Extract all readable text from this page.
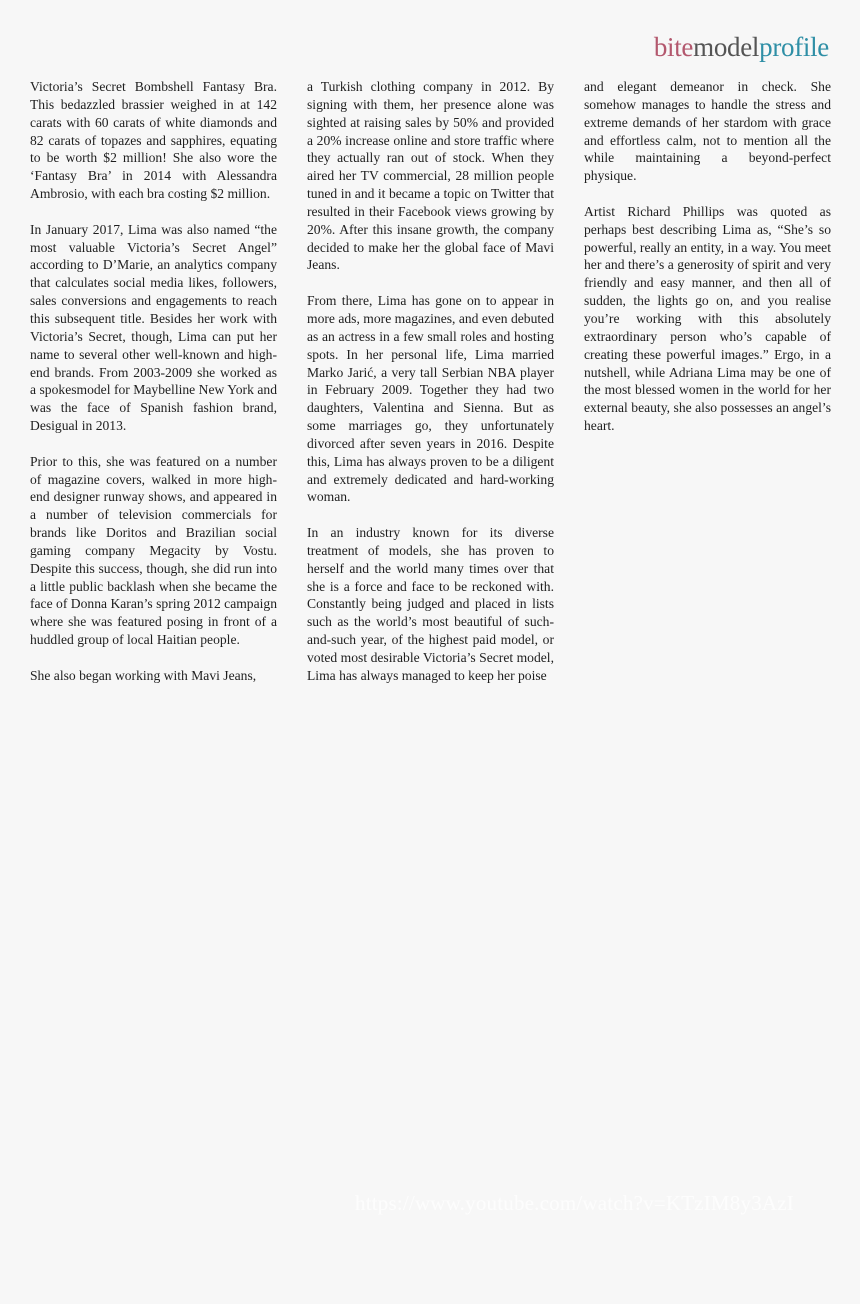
bitemodelprofile

Victoria’s Secret Bombshell Fantasy Bra. This bedazzled brassier weighed in at 142 carats with 60 carats of white diamonds and 82 carats of topazes and sapphires, equating to be worth $2 million! She also wore the ‘Fantasy Bra’ in 2014 with Alessandra Ambrosio, with each bra costing $2 million.

In January 2017, Lima was also named “the most valuable Victoria’s Secret Angel” according to D’Marie, an analytics company that calculates social media likes, followers, sales conversions and engagements to reach this subsequent title. Besides her work with Victoria’s Secret, though, Lima can put her name to several other well-known and high-end brands. From 2003-2009 she worked as a spokesmodel for Maybelline New York and was the face of Spanish fashion brand, Desigual in 2013.

Prior to this, she was featured on a number of magazine covers, walked in more high-end designer runway shows, and appeared in a number of television commercials for brands like Doritos and Brazilian social gaming company Megacity by Vostu. Despite this success, though, she did run into a little public backlash when she became the face of Donna Karan’s spring 2012 campaign where she was featured posing in front of a huddled group of local Haitian people.

She also began working with Mavi Jeans,

a Turkish clothing company in 2012. By signing with them, her presence alone was sighted at raising sales by 50% and provided a 20% increase online and store traffic where they actually ran out of stock. When they aired her TV commercial, 28 million people tuned in and it became a topic on Twitter that resulted in their Facebook views growing by 20%. After this insane growth, the company decided to make her the global face of Mavi Jeans.

From there, Lima has gone on to appear in more ads, more magazines, and even debuted as an actress in a few small roles and hosting spots. In her personal life, Lima married Marko Jarić, a very tall Serbian NBA player in February 2009. Together they had two daughters, Valentina and Sienna. But as some marriages go, they unfortunately divorced after seven years in 2016. Despite this, Lima has always proven to be a diligent and extremely dedicated and hard-working woman.

In an industry known for its diverse treatment of models, she has proven to herself and the world many times over that she is a force and face to be reckoned with. Constantly being judged and placed in lists such as the world’s most beautiful of such-and-such year, of the highest paid model, or voted most desirable Victoria’s Secret model, Lima has always managed to keep her poise

and elegant demeanor in check. She somehow manages to handle the stress and extreme demands of her stardom with grace and effortless calm, not to mention all the while maintaining a beyond-perfect physique.

Artist Richard Phillips was quoted as perhaps best describing Lima as, “She’s so powerful, really an entity, in a way. You meet her and there’s a generosity of spirit and very friendly and easy manner, and then all of sudden, the lights go on, and you realise you’re working with this absolutely extraordinary person who’s capable of creating these powerful images.” Ergo, in a nutshell, while Adriana Lima may be one of the most blessed women in the world for her external beauty, she also possesses an angel’s heart.

https://www.youtube.com/watch?v=KTzIM8y3AzI
